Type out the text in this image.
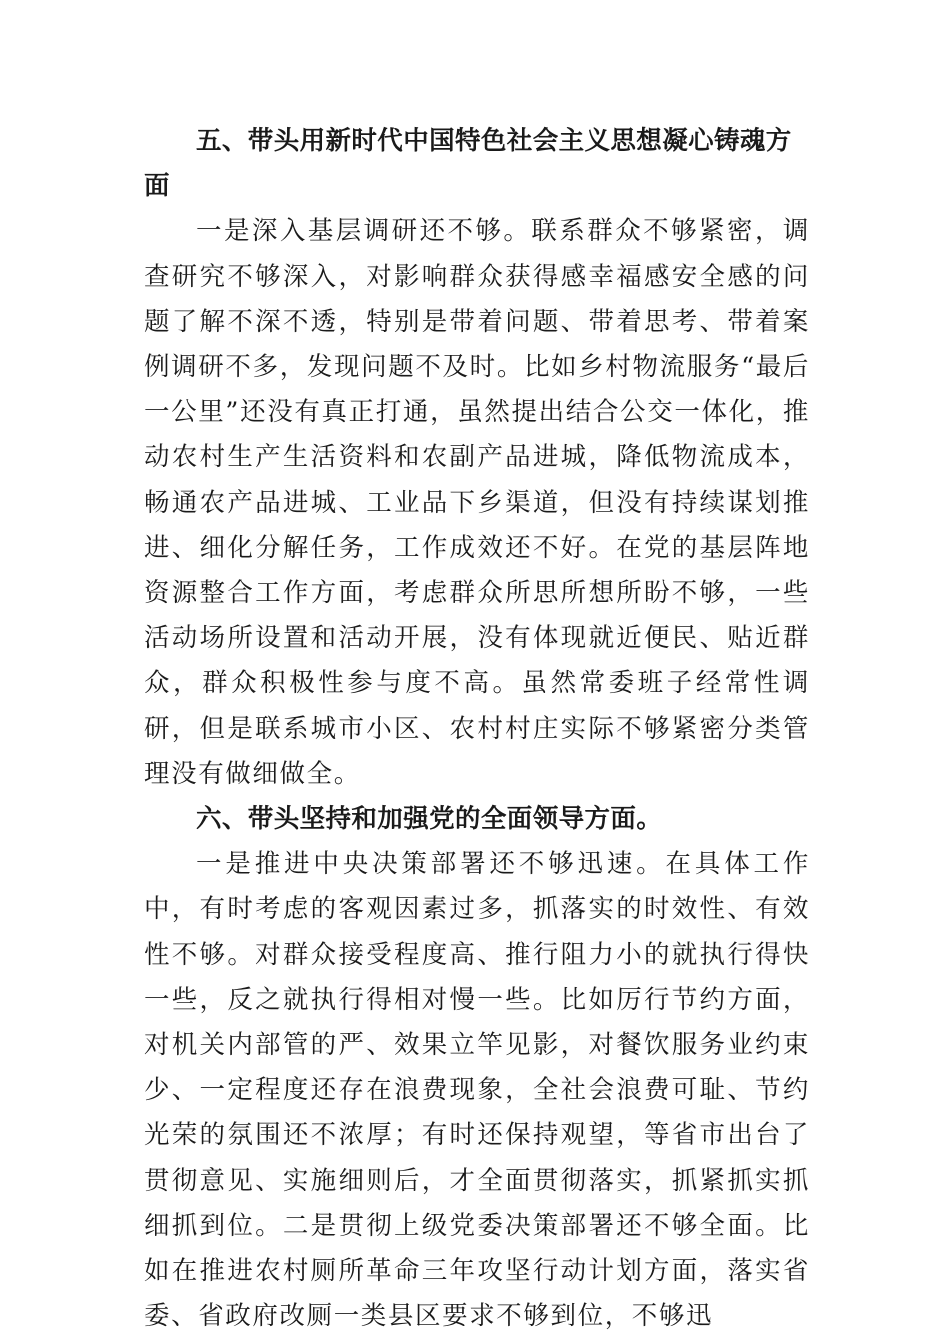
五、带头用新时代中国特色社会主义思想凝心铸魂方面

一是深入基层调研还不够。联系群众不够紧密，调查研究不够深入，对影响群众获得感幸福感安全感的问题了解不深不透，特别是带着问题、带着思考、带着案例调研不多，发现问题不及时。比如乡村物流服务“最后一公里”还没有真正打通，虽然提出结合公交一体化，推动农村生产生活资料和农副产品进城，降低物流成本，畅通农产品进城、工业品下乡渠道，但没有持续谋划推进、细化分解任务，工作成效还不好。在党的基层阵地资源整合工作方面，考虑群众所思所想所盼不够，一些活动场所设置和活动开展，没有体现就近便民、贴近群众，群众积极性参与度不高。虽然常委班子经常性调研，但是联系城市小区、农村村庄实际不够紧密分类管理没有做细做全。

六、带头坚持和加强党的全面领导方面。

一是推进中央决策部署还不够迅速。在具体工作中，有时考虑的客观因素过多，抓落实的时效性、有效性不够。对群众接受程度高、推行阻力小的就执行得快一些，反之就执行得相对慢一些。比如厉行节约方面，对机关内部管的严、效果立竿见影，对餐饮服务业约束少、一定程度还存在浪费现象，全社会浪费可耻、节约光荣的氛围还不浓厚；有时还保持观望，等省市出台了贯彻意见、实施细则后，才全面贯彻落实，抓紧抓实抓细抓到位。二是贯彻上级党委决策部署还不够全面。比如在推进农村厕所革命三年攻坚行动计划方面，落实省委、省政府改厕一类县区要求不够到位，不够迅
